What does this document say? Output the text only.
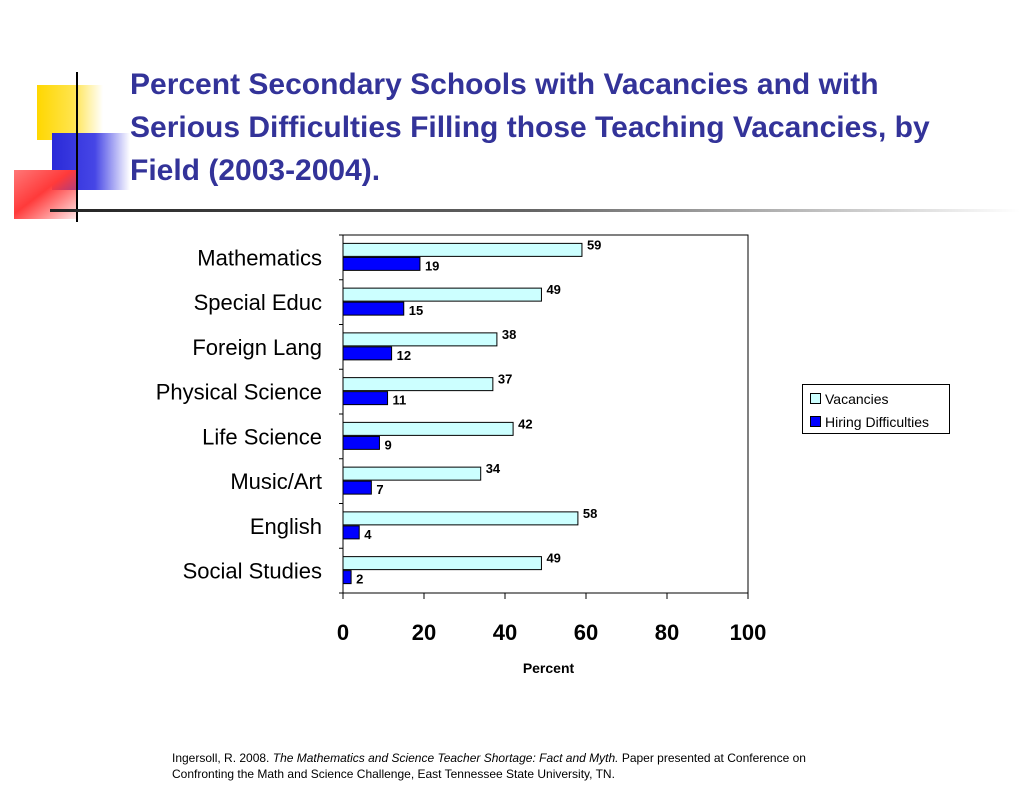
Percent Secondary Schools with Vacancies and with Serious Difficulties Filling those Teaching Vacancies, by Field (2003-2004).
Mathematics
59
19
Special Educ
49
15
Foreign Lang
38
12
Physical Science
37
11
Life Science
42
9
Music/Art
34
7
English
58
4
Social Studies
49
2
0	20	40	60	80 100
Percent
Vacancies
Hiring Difficulties

Ingersoll, R. 2008. The Mathematics and Science Teacher Shortage: Fact and Myth. Paper presented at Conference on Confronting the Math and Science Challenge, East Tennessee State University, TN.
